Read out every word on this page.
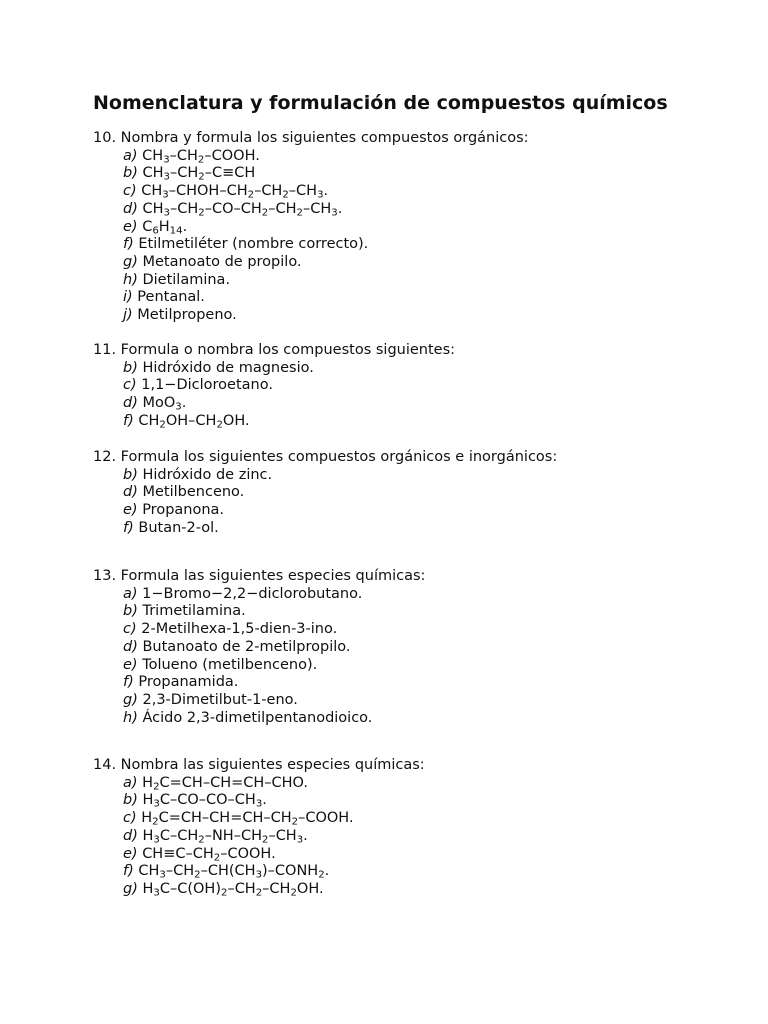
Nomenclatura y formulación de compuestos químicos

10. Nombra y formula los siguientes compuestos orgánicos:

a) $CH_3-CH_2$–COOH.

b) $CH_3-CH_2-C\equiv CH$

c) $CH_3-CHOH-CH_2-CH_2-CH_3$.

d) $CH_3-CH_2-CO-CH_2-CH_2-CH_3$.

e) $C_6H_{14}$.

f) Etilmetiléter (nombre correcto).

g) Metanoato de propilo.

h) Dietilamina.

i) Pentanal.

j) Metilpropeno.

11. Formula o nombra los compuestos siguientes:

b) Hidróxido de magnesio.

c) 1,1−Dicloroetano.

d) MoO$_3$.

f) $CH_2OH-CH_2OH$.

12. Formula los siguientes compuestos orgánicos e inorgánicos:

b) Hidróxido de zinc.

d) Metilbenceno.

e) Propanona.

f) Butan-2-ol.

13. Formula las siguientes especies químicas:

a) 1−Bromo−2,2−diclorobutano.

b) Trimetilamina.

c) 2-Metilhexa-1,5-dien-3-ino.

d) Butanoato de 2-metilpropilo.

e) Tolueno (metilbenceno).

f) Propanamida.

g) 2,3-Dimetilbut-1-eno.

h) Ácido 2,3-dimetilpentanodioico.

14. Nombra las siguientes especies químicas:

a) $H_2C=CH-CH=CH$–CHO.

b) $H_3C-CO-CO-CH_3$.

c) $H_2C=CH-CH=CH-CH_2$–COOH.

d) $H_3C-CH_2-NH-CH_2-CH_3$.

e) $CH\equiv C-CH_2$–COOH.

f) $CH_3-CH_2-CH(CH_3)-CONH_2$.

g) $H_3C-C(OH)_2-CH_2-CH_2OH$.
